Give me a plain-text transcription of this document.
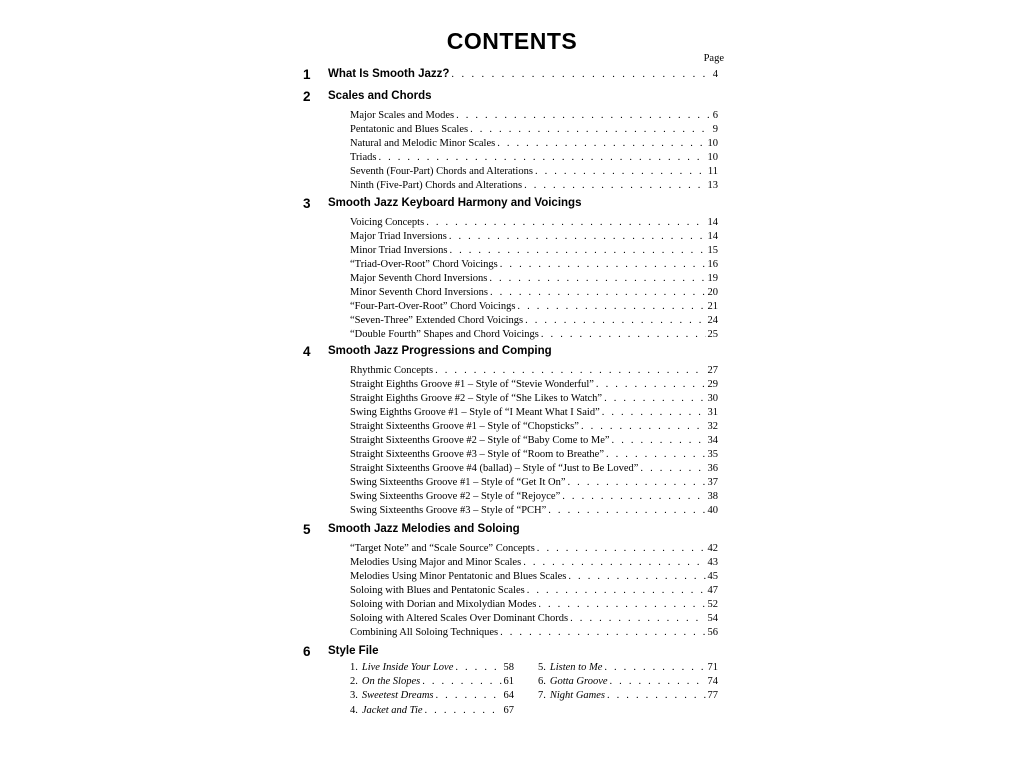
CONTENTS
Page
1 What Is Smooth Jazz? . . .	4
2 Scales and Chords
Major Scales and Modes . . .	6
Pentatonic and Blues Scales . . .	9
Natural and Melodic Minor Scales . . .	10
Triads . . .	10
Seventh (Four-Part) Chords and Alterations . . .	11
Ninth (Five-Part) Chords and Alterations . . .	13
3 Smooth Jazz Keyboard Harmony and Voicings
Voicing Concepts . . .	14
Major Triad Inversions . . .	14
Minor Triad Inversions . . .	15
“Triad-Over-Root” Chord Voicings . . .	16
Major Seventh Chord Inversions . . .	19
Minor Seventh Chord Inversions . . .	20
“Four-Part-Over-Root” Chord Voicings . . .	21
“Seven-Three” Extended Chord Voicings . . .	24
“Double Fourth” Shapes and Chord Voicings . . .	25
4 Smooth Jazz Progressions and Comping
Rhythmic Concepts . . .	27
Straight Eighths Groove #1 – Style of “Stevie Wonderful” . . .	29
Straight Eighths Groove #2 – Style of “She Likes to Watch” . . .	30
Swing Eighths Groove #1 – Style of “I Meant What I Said” . . .	31
Straight Sixteenths Groove #1 – Style of “Chopsticks” . . .	32
Straight Sixteenths Groove #2 – Style of “Baby Come to Me” . . .	34
Straight Sixteenths Groove #3 – Style of “Room to Breathe” . . .	35
Straight Sixteenths Groove #4 (ballad) – Style of “Just to Be Loved” . . .	36
Swing Sixteenths Groove #1 – Style of “Get It On” . . .	37
Swing Sixteenths Groove #2 – Style of “Rejoyce” . . .	38
Swing Sixteenths Groove #3 – Style of “PCH” . . .	40
5 Smooth Jazz Melodies and Soloing
“Target Note” and “Scale Source” Concepts . . .	42
Melodies Using Major and Minor Scales . . .	43
Melodies Using Minor Pentatonic and Blues Scales . . .	45
Soloing with Blues and Pentatonic Scales . . .	47
Soloing with Dorian and Mixolydian Modes . . .	52
Soloing with Altered Scales Over Dominant Chords . . .	54
Combining All Soloing Techniques . . .	56
6 Style File
1. Live Inside Your Love . . .	58
2. On the Slopes . . .	61
3. Sweetest Dreams . . .	64
4. Jacket and Tie . . .	67
5. Listen to Me . . .	71
6. Gotta Groove . . .	74
7. Night Games . . .	77
